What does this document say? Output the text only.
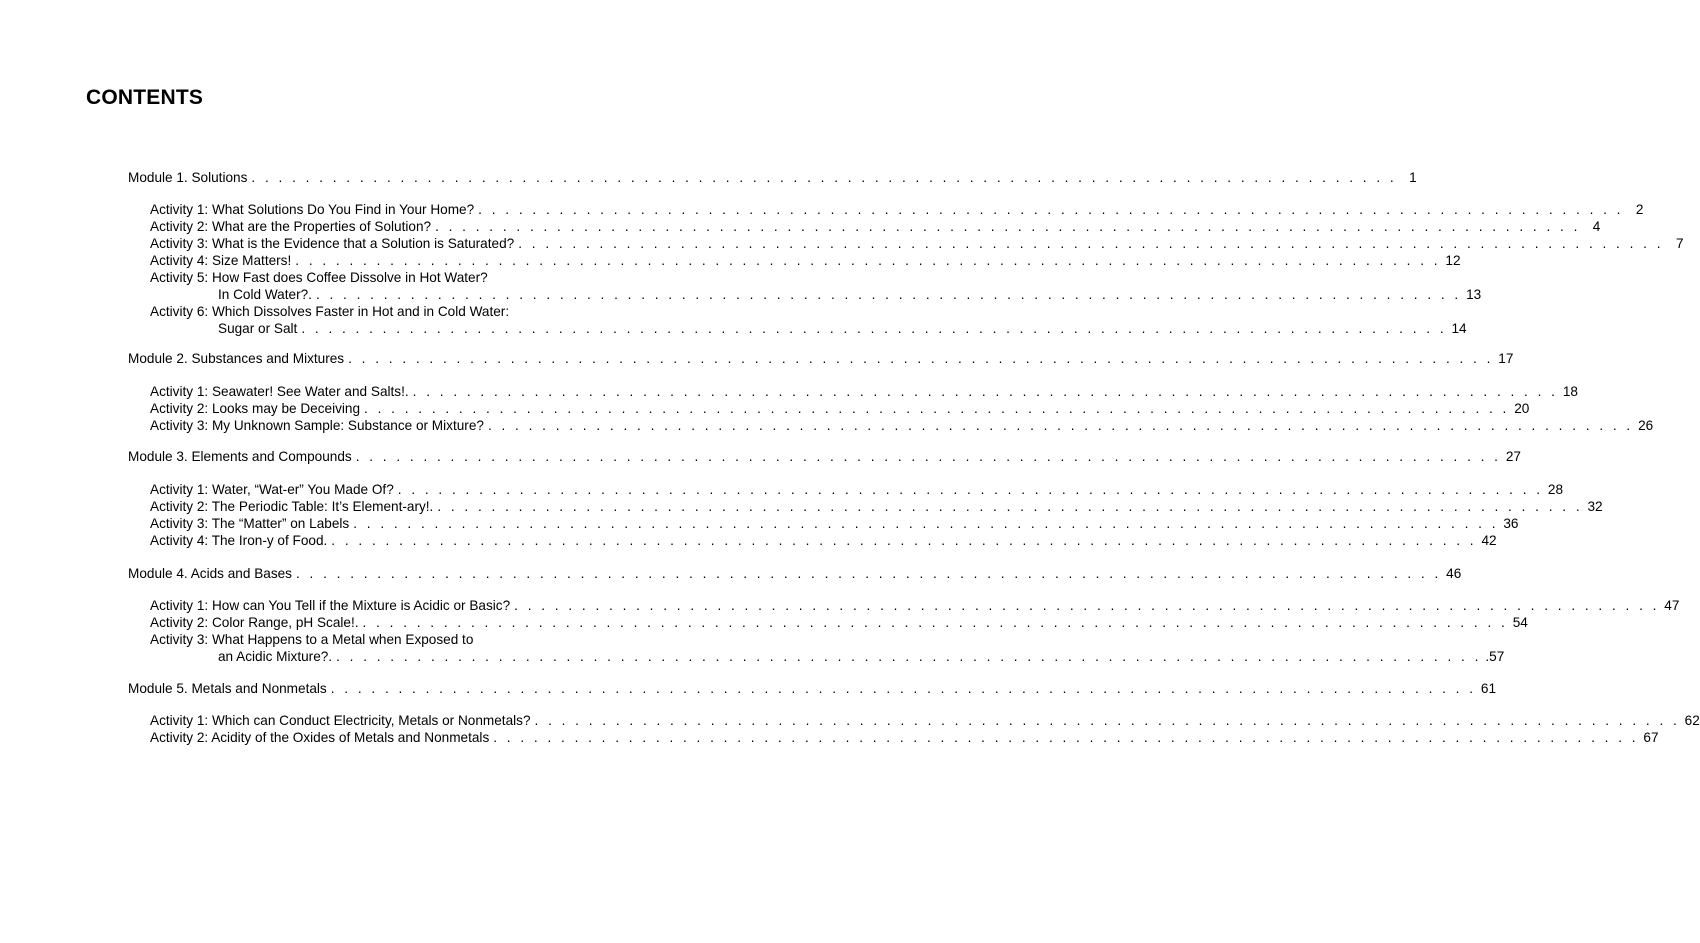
CONTENTS
Module 1. Solutions . . . . . . . . . . . . . . . . . . . . . . . . . . . . . . . . . . . . . . . . . . . . . . . . . . . . . . . . . . . . . . . . . . . . . . . . . . . . . . . . . . . . . 1
Activity 1: What Solutions Do You Find in Your Home? . . . . . . . . . . . . . . . . . . . . . . . . . . . . . . . . . . . . . . . . . . . . . . . . . . . . . . . . . . . . . . . . . . . . . . . . . . . . . . . . . . . . . 2
Activity 2: What are the Properties of Solution? . . . . . . . . . . . . . . . . . . . . . . . . . . . . . . . . . . . . . . . . . . . . . . . . . . . . . . . . . . . . . . . . . . . . . . . . . . . . . . . . . . . . . 4
Activity 3: What is the Evidence that a Solution is Saturated? . . . . . . . . . . . . . . . . . . . . . . . . . . . . . . . . . . . . . . . . . . . . . . . . . . . . . . . . . . . . . . . . . . . . . . . . . . . . . . . . . . . . . 7
Activity 4: Size Matters! . . . . . . . . . . . . . . . . . . . . . . . . . . . . . . . . . . . . . . . . . . . . . . . . . . . . . . . . . . . . . . . . . . . . . . . . . . . . . . . . . . . . . 12
Activity 5: How Fast does Coffee Dissolve in Hot Water?
In Cold Water?. . . . . . . . . . . . . . . . . . . . . . . . . . . . . . . . . . . . . . . . . . . . . . . . . . . . . . . . . . . . . . . . . . . . . . . . . . . . . . . . . . . . . . 13
Activity 6: Which Dissolves Faster in Hot and in Cold Water:
Sugar or Salt . . . . . . . . . . . . . . . . . . . . . . . . . . . . . . . . . . . . . . . . . . . . . . . . . . . . . . . . . . . . . . . . . . . . . . . . . . . . . . . . . . . . . 14
Module 2. Substances and Mixtures . . . . . . . . . . . . . . . . . . . . . . . . . . . . . . . . . . . . . . . . . . . . . . . . . . . . . . . . . . . . . . . . . . . . . . . . . . . . . . . . . . . . . 17
Activity 1: Seawater! See Water and Salts!. . . . . . . . . . . . . . . . . . . . . . . . . . . . . . . . . . . . . . . . . . . . . . . . . . . . . . . . . . . . . . . . . . . . . . . . . . . . . . . . . . . . . . 18
Activity 2: Looks may be Deceiving . . . . . . . . . . . . . . . . . . . . . . . . . . . . . . . . . . . . . . . . . . . . . . . . . . . . . . . . . . . . . . . . . . . . . . . . . . . . . . . . . . . . . 20
Activity 3: My Unknown Sample: Substance or Mixture? . . . . . . . . . . . . . . . . . . . . . . . . . . . . . . . . . . . . . . . . . . . . . . . . . . . . . . . . . . . . . . . . . . . . . . . . . . . . . . . . . . . . . 26
Module 3. Elements and Compounds . . . . . . . . . . . . . . . . . . . . . . . . . . . . . . . . . . . . . . . . . . . . . . . . . . . . . . . . . . . . . . . . . . . . . . . . . . . . . . . . . . . . . 27
Activity 1: Water, “Wat-er” You Made Of? . . . . . . . . . . . . . . . . . . . . . . . . . . . . . . . . . . . . . . . . . . . . . . . . . . . . . . . . . . . . . . . . . . . . . . . . . . . . . . . . . . . . . 28
Activity 2: The Periodic Table: It’s Element-ary!. . . . . . . . . . . . . . . . . . . . . . . . . . . . . . . . . . . . . . . . . . . . . . . . . . . . . . . . . . . . . . . . . . . . . . . . . . . . . . . . . . . . . . 32
Activity 3: The “Matter” on Labels . . . . . . . . . . . . . . . . . . . . . . . . . . . . . . . . . . . . . . . . . . . . . . . . . . . . . . . . . . . . . . . . . . . . . . . . . . . . . . . . . . . . . 36
Activity 4: The Iron-y of Food. . . . . . . . . . . . . . . . . . . . . . . . . . . . . . . . . . . . . . . . . . . . . . . . . . . . . . . . . . . . . . . . . . . . . . . . . . . . . . . . . . . . . . 42
Module 4. Acids and Bases . . . . . . . . . . . . . . . . . . . . . . . . . . . . . . . . . . . . . . . . . . . . . . . . . . . . . . . . . . . . . . . . . . . . . . . . . . . . . . . . . . . . . 46
Activity 1: How can You Tell if the Mixture is Acidic or Basic? . . . . . . . . . . . . . . . . . . . . . . . . . . . . . . . . . . . . . . . . . . . . . . . . . . . . . . . . . . . . . . . . . . . . . . . . . . . . . . . . . . . . . 47
Activity 2: Color Range, pH Scale!. . . . . . . . . . . . . . . . . . . . . . . . . . . . . . . . . . . . . . . . . . . . . . . . . . . . . . . . . . . . . . . . . . . . . . . . . . . . . . . . . . . . . . 54
Activity 3: What Happens to a Metal when Exposed to
an Acidic Mixture?. . . . . . . . . . . . . . . . . . . . . . . . . . . . . . . . . . . . . . . . . . . . . . . . . . . . . . . . . . . . . . . . . . . . . . . . . . . . . . . . . . . . . . .57
Module 5. Metals and Nonmetals . . . . . . . . . . . . . . . . . . . . . . . . . . . . . . . . . . . . . . . . . . . . . . . . . . . . . . . . . . . . . . . . . . . . . . . . . . . . . . . . . . . . . 61
Activity 1: Which can Conduct Electricity, Metals or Nonmetals? . . . . . . . . . . . . . . . . . . . . . . . . . . . . . . . . . . . . . . . . . . . . . . . . . . . . . . . . . . . . . . . . . . . . . . . . . . . . . . . . . . . . . 62
Activity 2: Acidity of the Oxides of Metals and Nonmetals . . . . . . . . . . . . . . . . . . . . . . . . . . . . . . . . . . . . . . . . . . . . . . . . . . . . . . . . . . . . . . . . . . . . . . . . . . . . . . . . . . . . . 67
